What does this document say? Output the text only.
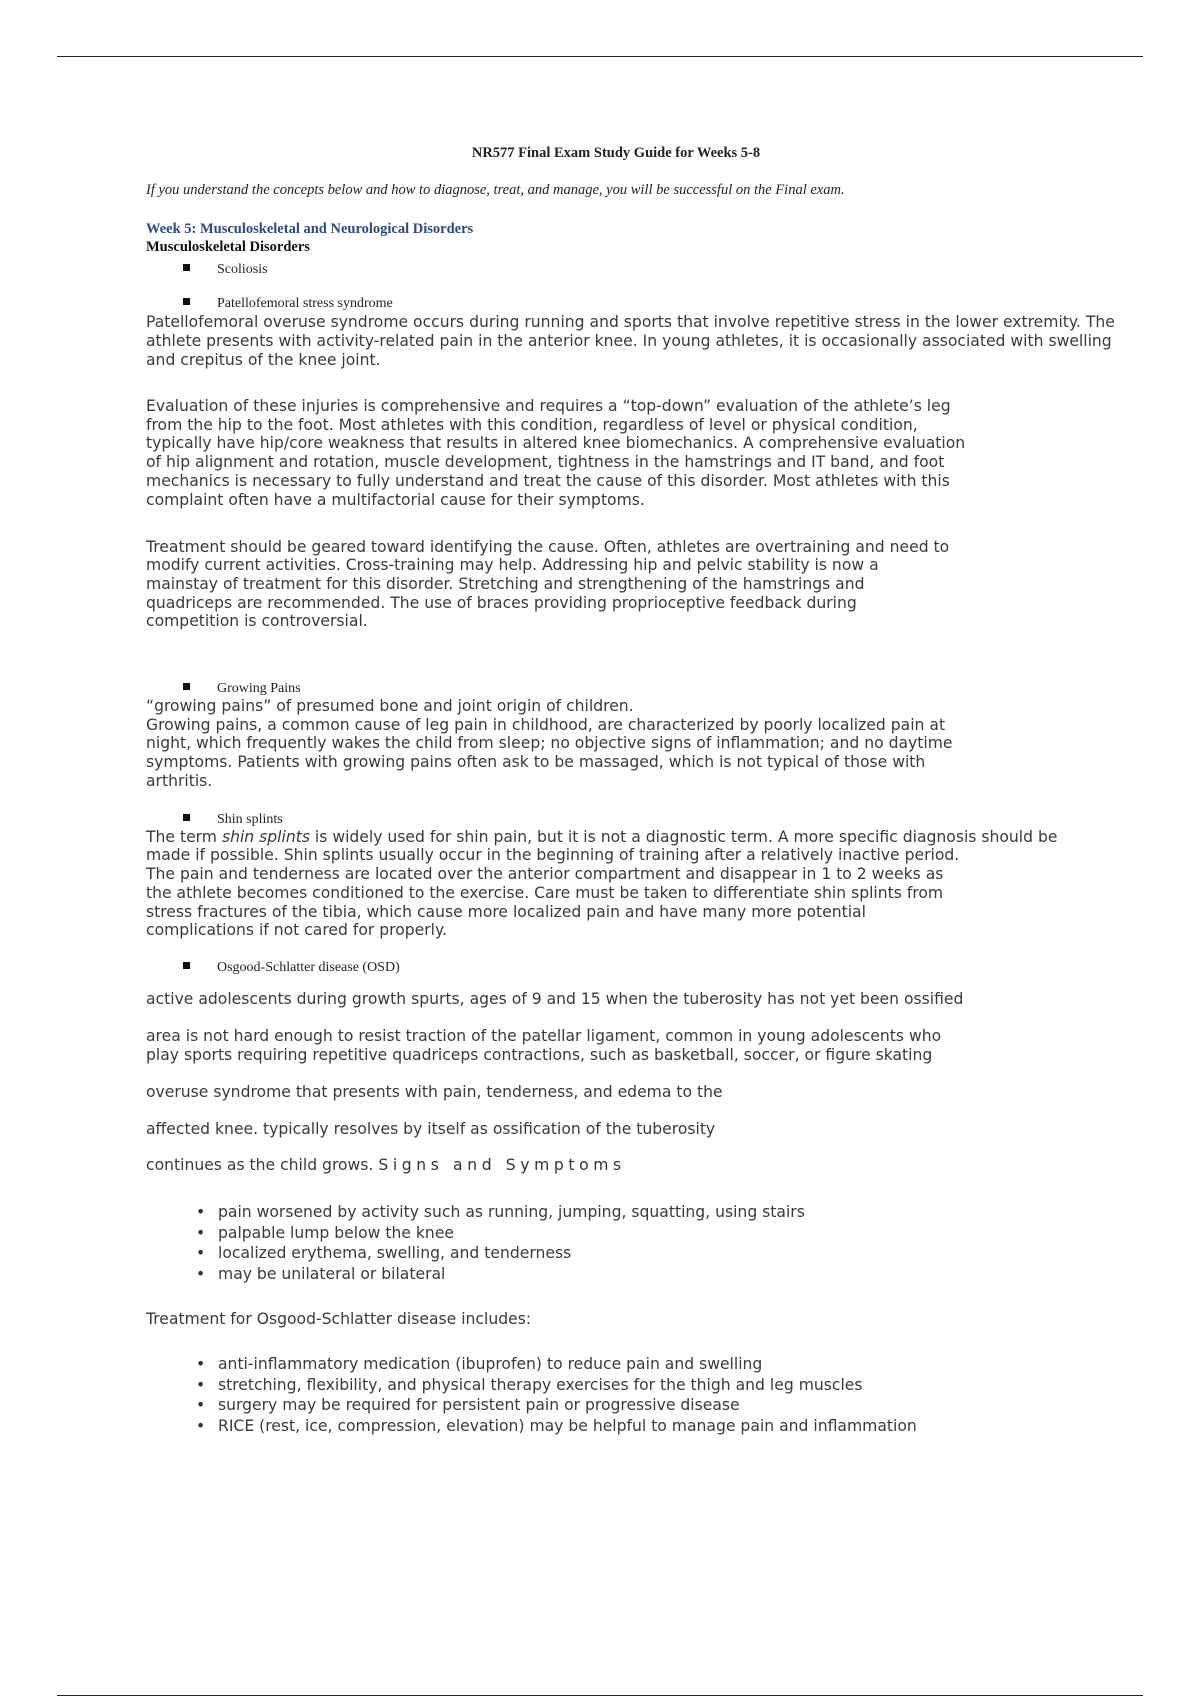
NR577 Final Exam Study Guide for Weeks 5-8
If you understand the concepts below and how to diagnose, treat, and manage, you will be successful on the Final exam.
Week 5: Musculoskeletal and Neurological Disorders
Musculoskeletal Disorders
Scoliosis
Patellofemoral stress syndrome

Patellofemoral overuse syndrome occurs during running and sports that involve repetitive stress in the lower extremity. The athlete presents with activity-related pain in the anterior knee. In young athletes, it is occasionally associated with swelling and crepitus of the knee joint.

Evaluation of these injuries is comprehensive and requires a “top-down” evaluation of the athlete’s leg

from the hip to the foot. Most athletes with this condition, regardless of level or physical condition,

typically have hip/core weakness that results in altered knee biomechanics. A comprehensive evaluation

of hip alignment and rotation, muscle development, tightness in the hamstrings and IT band, and foot

mechanics is necessary to fully understand and treat the cause of this disorder. Most athletes with this

complaint often have a multifactorial cause for their symptoms.

Treatment should be geared toward identifying the cause. Often, athletes are overtraining and need to

modify current activities. Cross-training may help. Addressing hip and pelvic stability is now a

mainstay of treatment for this disorder. Stretching and strengthening of the hamstrings and

quadriceps are recommended. The use of braces providing proprioceptive feedback during

competition is controversial.

Growing Pains

“growing pains” of presumed bone and joint origin of children.

Growing pains, a common cause of leg pain in childhood, are characterized by poorly localized pain at

night, which frequently wakes the child from sleep; no objective signs of inflammation; and no daytime

symptoms. Patients with growing pains often ask to be massaged, which is not typical of those with

arthritis.

Shin splints

The term shin splints is widely used for shin pain, but it is not a diagnostic term. A more specific diagnosis should be

made if possible. Shin splints usually occur in the beginning of training after a relatively inactive period.

The pain and tenderness are located over the anterior compartment and disappear in 1 to 2 weeks as

the athlete becomes conditioned to the exercise. Care must be taken to differentiate shin splints from

stress fractures of the tibia, which cause more localized pain and have many more potential

complications if not cared for properly.

Osgood-Schlatter disease (OSD)

active adolescents during growth spurts, ages of 9 and 15 when the tuberosity has not yet been ossified

area is not hard enough to resist traction of the patellar ligament, common in young adolescents who

play sports requiring repetitive quadriceps contractions, such as basketball, soccer, or figure skating

overuse syndrome that presents with pain, tenderness, and edema to the

affected knee. typically resolves by itself as ossification of the tuberosity

continues as the child grows. Signs and Symptoms

• pain worsened by activity such as running, jumping, squatting, using stairs
• palpable lump below the knee
• localized erythema, swelling, and tenderness
• may be unilateral or bilateral

Treatment for Osgood-Schlatter disease includes:

• anti-inflammatory medication (ibuprofen) to reduce pain and swelling
• stretching, flexibility, and physical therapy exercises for the thigh and leg muscles
• surgery may be required for persistent pain or progressive disease
• RICE (rest, ice, compression, elevation) may be helpful to manage pain and inflammation
